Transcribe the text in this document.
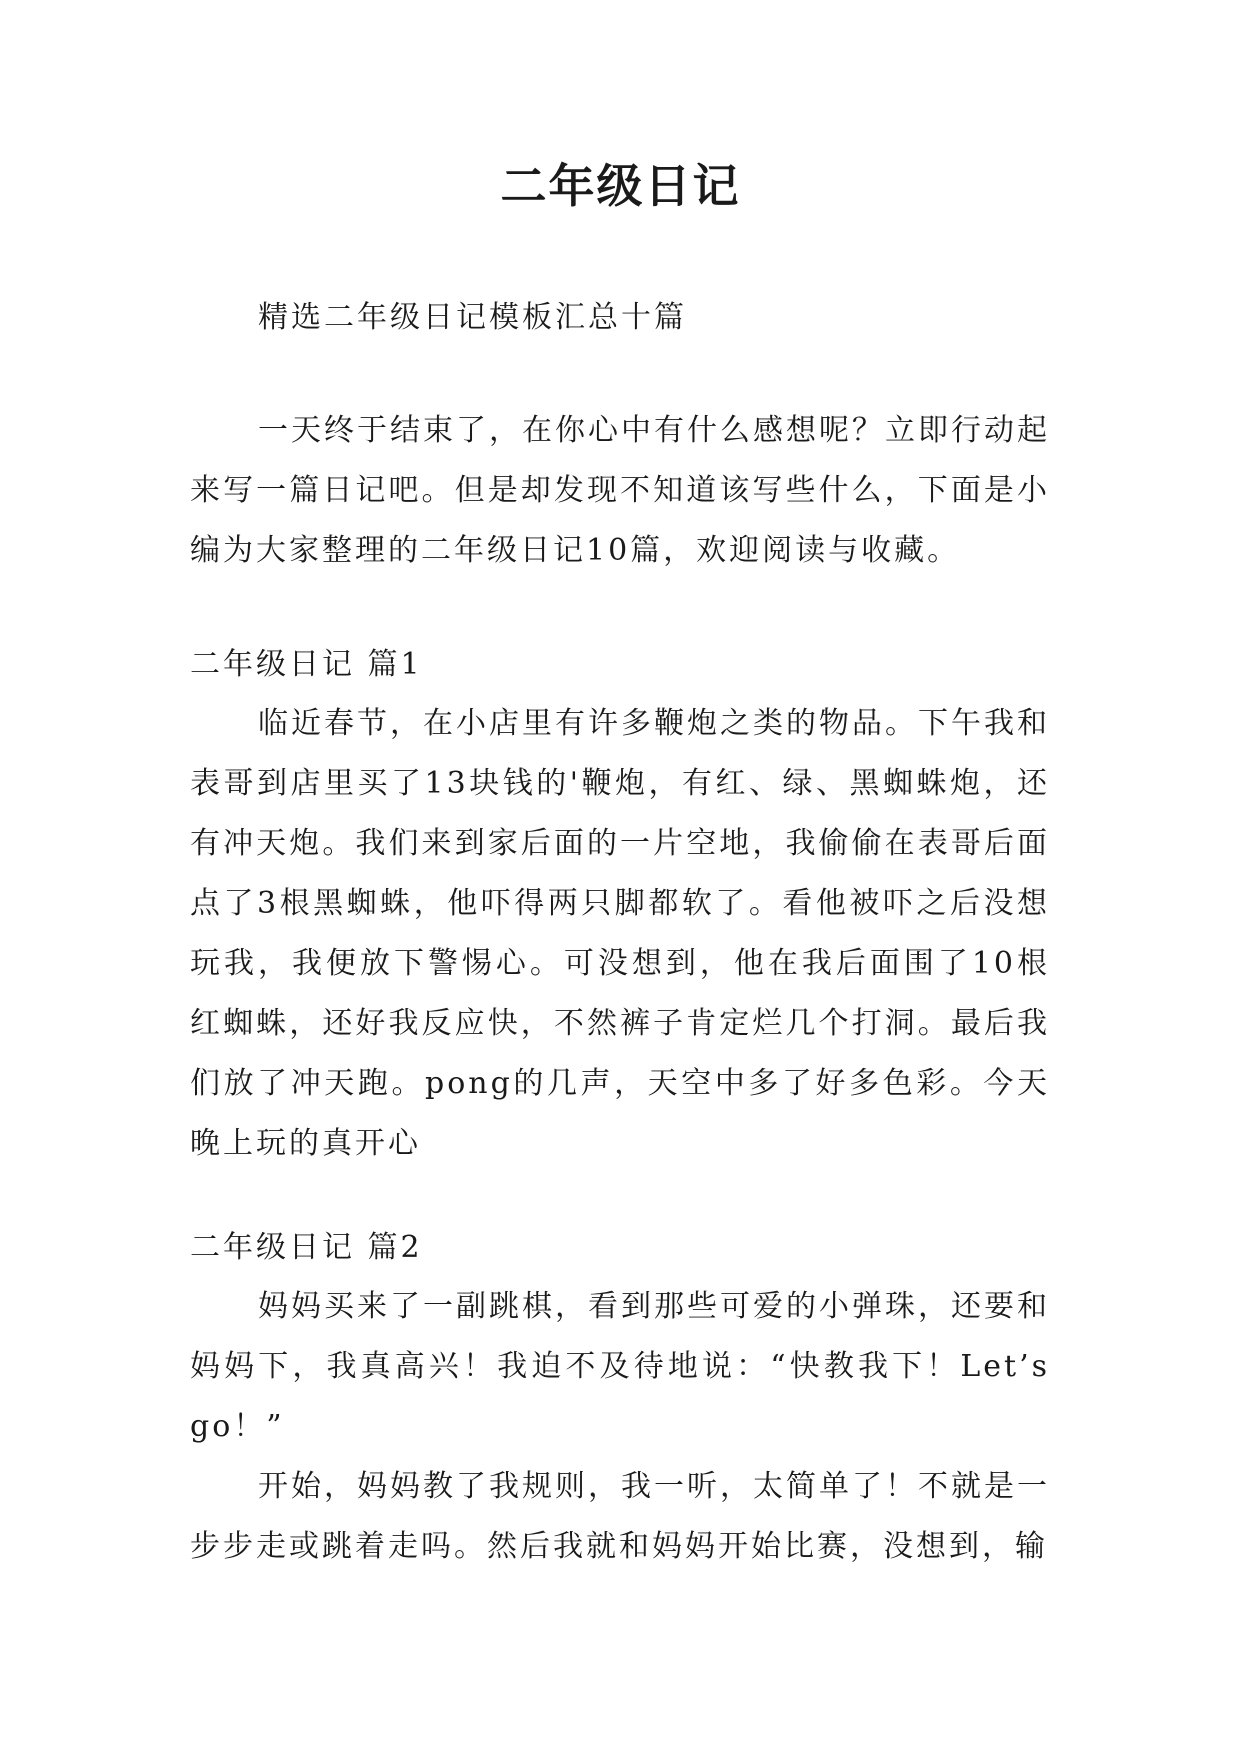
二年级日记

精选二年级日记模板汇总十篇

一天终于结束了，在你心中有什么感想呢？立即行动起来写一篇日记吧。但是却发现不知道该写些什么，下面是小编为大家整理的二年级日记10篇，欢迎阅读与收藏。

二年级日记 篇1

临近春节，在小店里有许多鞭炮之类的物品。下午我和表哥到店里买了13块钱的'鞭炮，有红、绿、黑蜘蛛炮，还有冲天炮。我们来到家后面的一片空地，我偷偷在表哥后面点了3根黑蜘蛛，他吓得两只脚都软了。看他被吓之后没想玩我，我便放下警惕心。可没想到，他在我后面围了10根红蜘蛛，还好我反应快，不然裤子肯定烂几个打洞。最后我们放了冲天跑。pong的几声，天空中多了好多色彩。今天晚上玩的真开心

二年级日记 篇2

妈妈买来了一副跳棋，看到那些可爱的小弹珠，还要和妈妈下，我真高兴！我迫不及待地说：“快教我下！Let’s go！”

开始，妈妈教了我规则，我一听，太简单了！不就是一步步走或跳着走吗。然后我就和妈妈开始比赛，没想到，输
